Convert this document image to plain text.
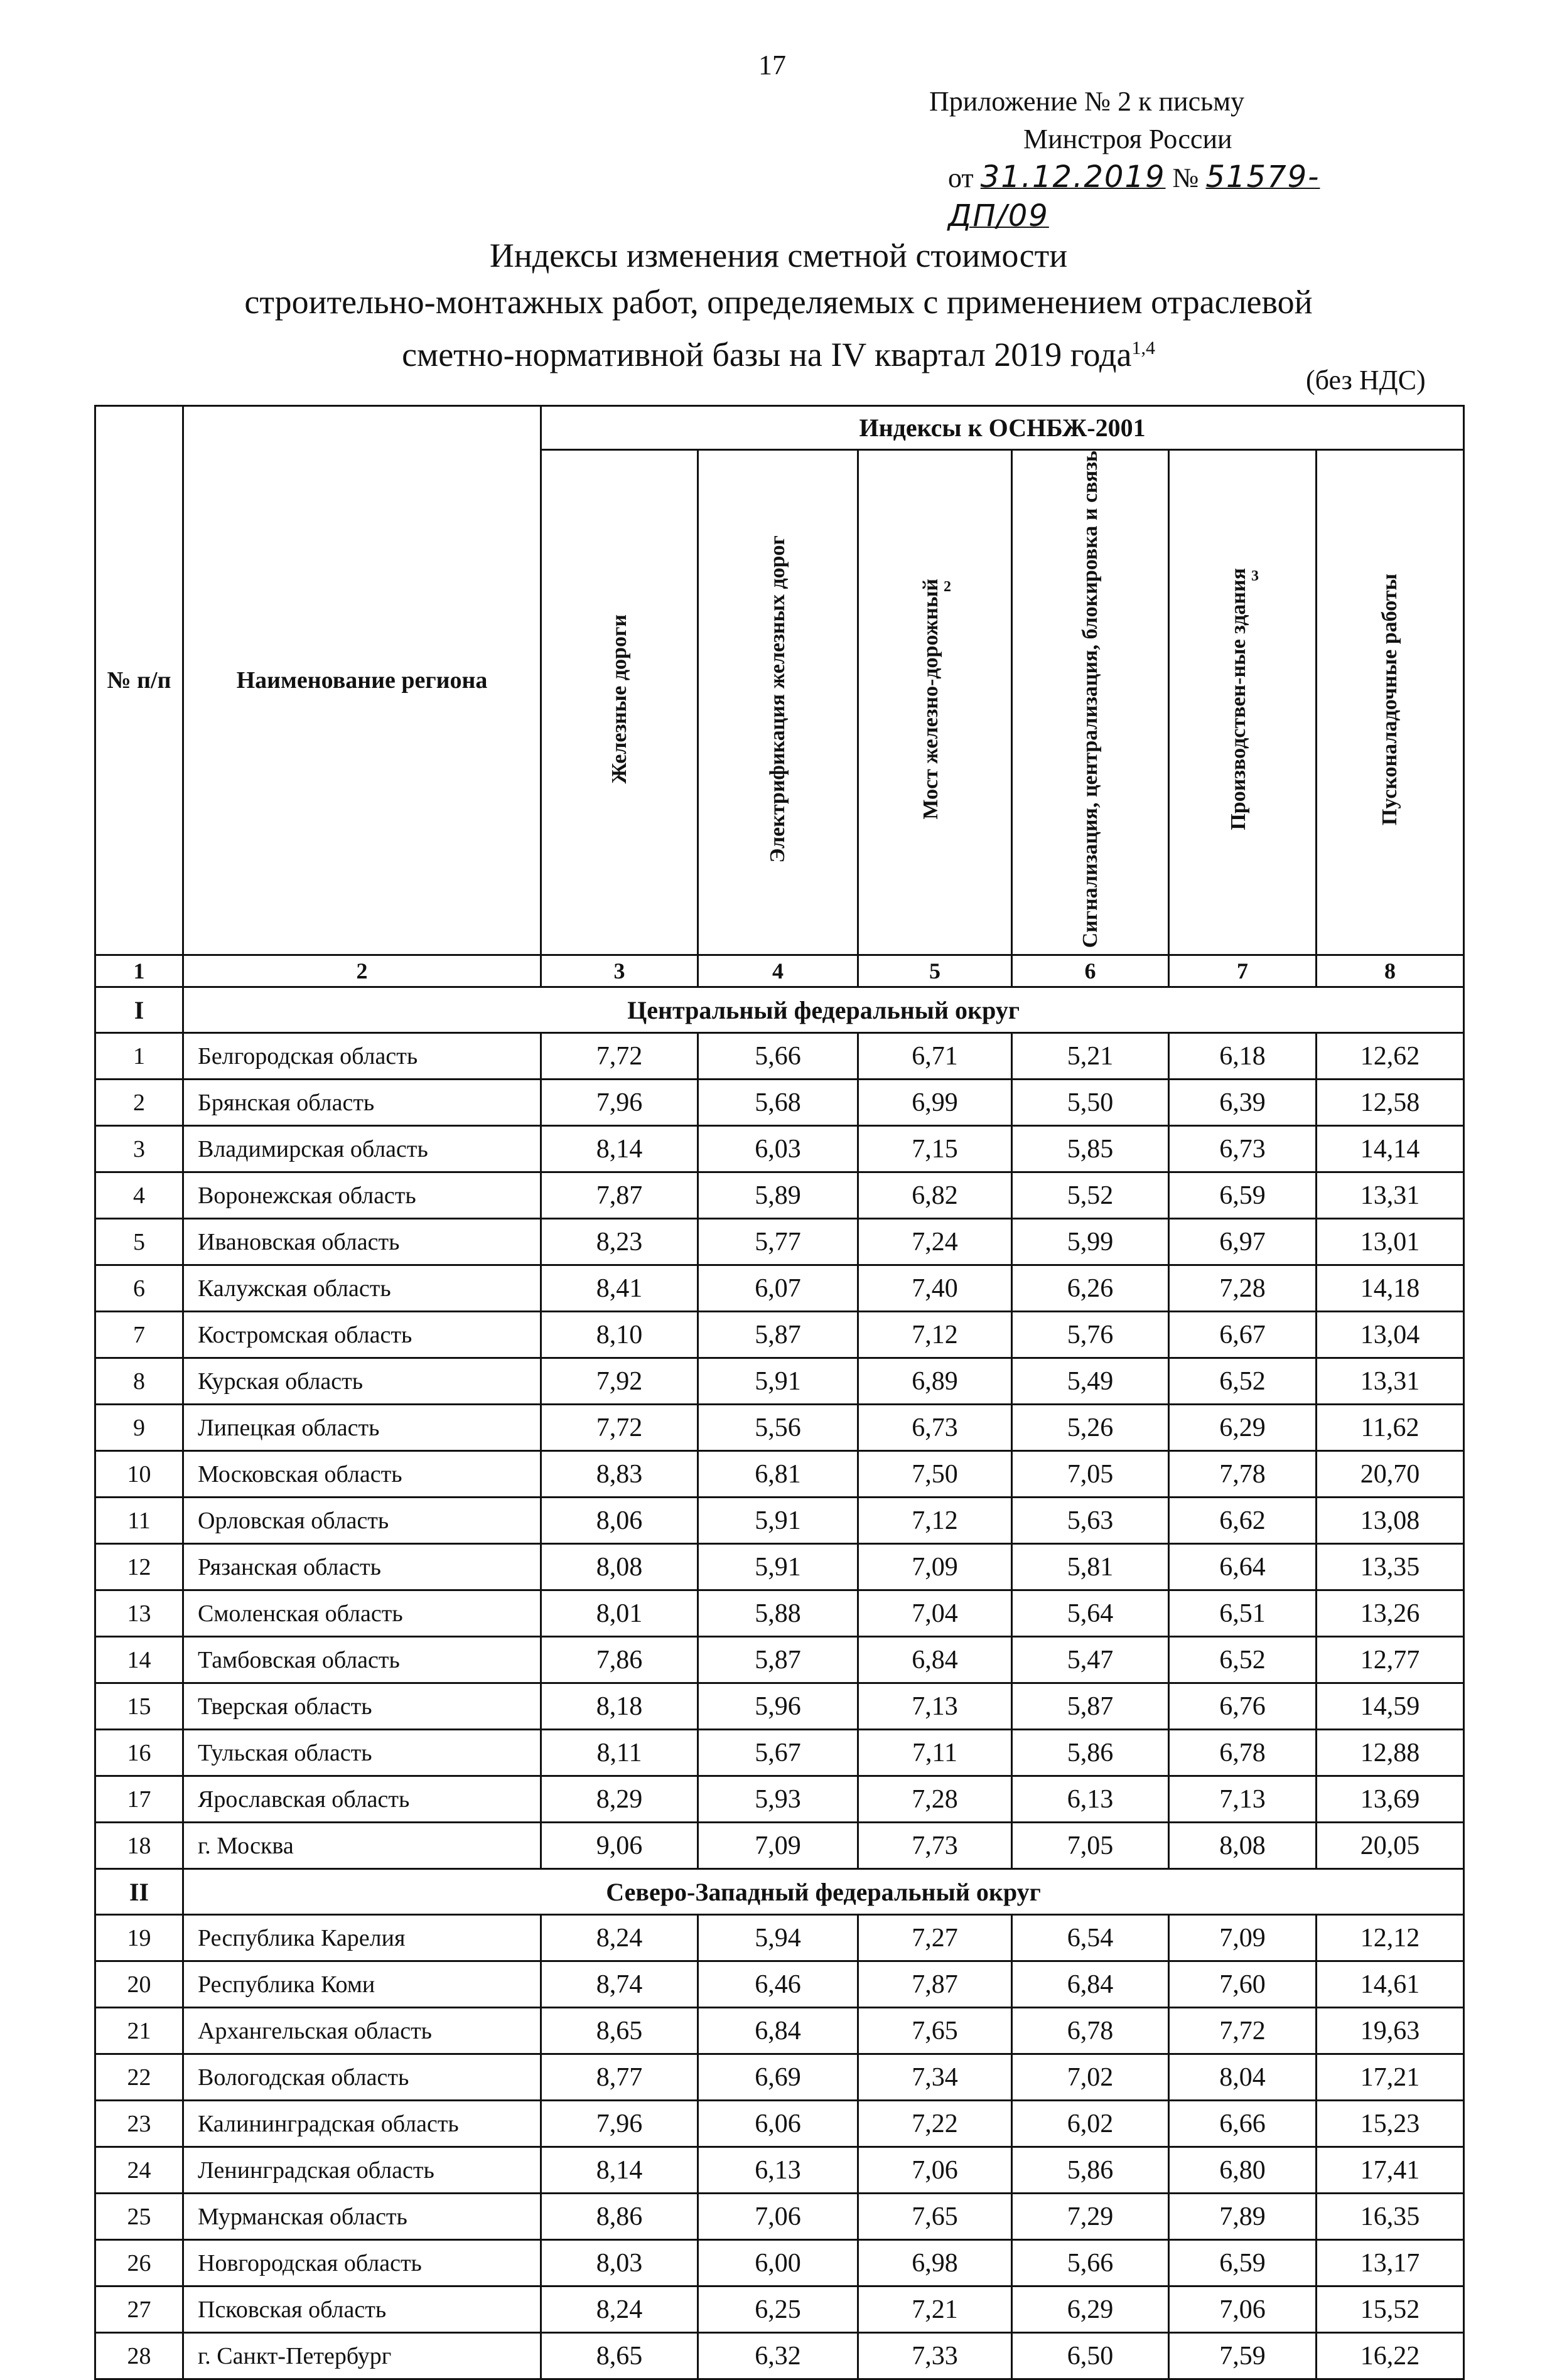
17
Приложение № 2 к письму
Минстроя России
от 31.12.2019 № 51579-ДП/09
Индексы изменения сметной стоимости
строительно-монтажных работ, определяемых с применением отраслевой
сметно-нормативной базы на IV квартал 2019 года$^{1,4}$
(без НДС)
№ п/п	Наименование региона	Индексы к ОСНБЖ-2001					
		Железные дороги	Электрификация железных дорог	Мост железно-дорожный$^2$	Сигнализация, централизация, блокировка и связь	Производствен-ные здания$^3$	Пусконаладочные работы
1	2	3	4	5	6	7	8
I	Центральный федеральный округ						
1	Белгородская область	7,72	5,66	6,71	5,21	6,18	12,62
2	Брянская область	7,96	5,68	6,99	5,50	6,39	12,58
3	Владимирская область	8,14	6,03	7,15	5,85	6,73	14,14
4	Воронежская область	7,87	5,89	6,82	5,52	6,59	13,31
5	Ивановская область	8,23	5,77	7,24	5,99	6,97	13,01
6	Калужская область	8,41	6,07	7,40	6,26	7,28	14,18
7	Костромская область	8,10	5,87	7,12	5,76	6,67	13,04
8	Курская область	7,92	5,91	6,89	5,49	6,52	13,31
9	Липецкая область	7,72	5,56	6,73	5,26	6,29	11,62
10	Московская область	8,83	6,81	7,50	7,05	7,78	20,70
11	Орловская область	8,06	5,91	7,12	5,63	6,62	13,08
12	Рязанская область	8,08	5,91	7,09	5,81	6,64	13,35
13	Смоленская область	8,01	5,88	7,04	5,64	6,51	13,26
14	Тамбовская область	7,86	5,87	6,84	5,47	6,52	12,77
15	Тверская область	8,18	5,96	7,13	5,87	6,76	14,59
16	Тульская область	8,11	5,67	7,11	5,86	6,78	12,88
17	Ярославская область	8,29	5,93	7,28	6,13	7,13	13,69
18	г. Москва	9,06	7,09	7,73	7,05	8,08	20,05
II	Северо-Западный федеральный округ						
19	Республика Карелия	8,24	5,94	7,27	6,54	7,09	12,12
20	Республика Коми	8,74	6,46	7,87	6,84	7,60	14,61
21	Архангельская область	8,65	6,84	7,65	6,78	7,72	19,63
22	Вологодская область	8,77	6,69	7,34	7,02	8,04	17,21
23	Калининградская область	7,96	6,06	7,22	6,02	6,66	15,23
24	Ленинградская область	8,14	6,13	7,06	5,86	6,80	17,41
25	Мурманская область	8,86	7,06	7,65	7,29	7,89	16,35
26	Новгородская область	8,03	6,00	6,98	5,66	6,59	13,17
27	Псковская область	8,24	6,25	7,21	6,29	7,06	15,52
28	г. Санкт-Петербург	8,65	6,32	7,33	6,50	7,59	16,22
